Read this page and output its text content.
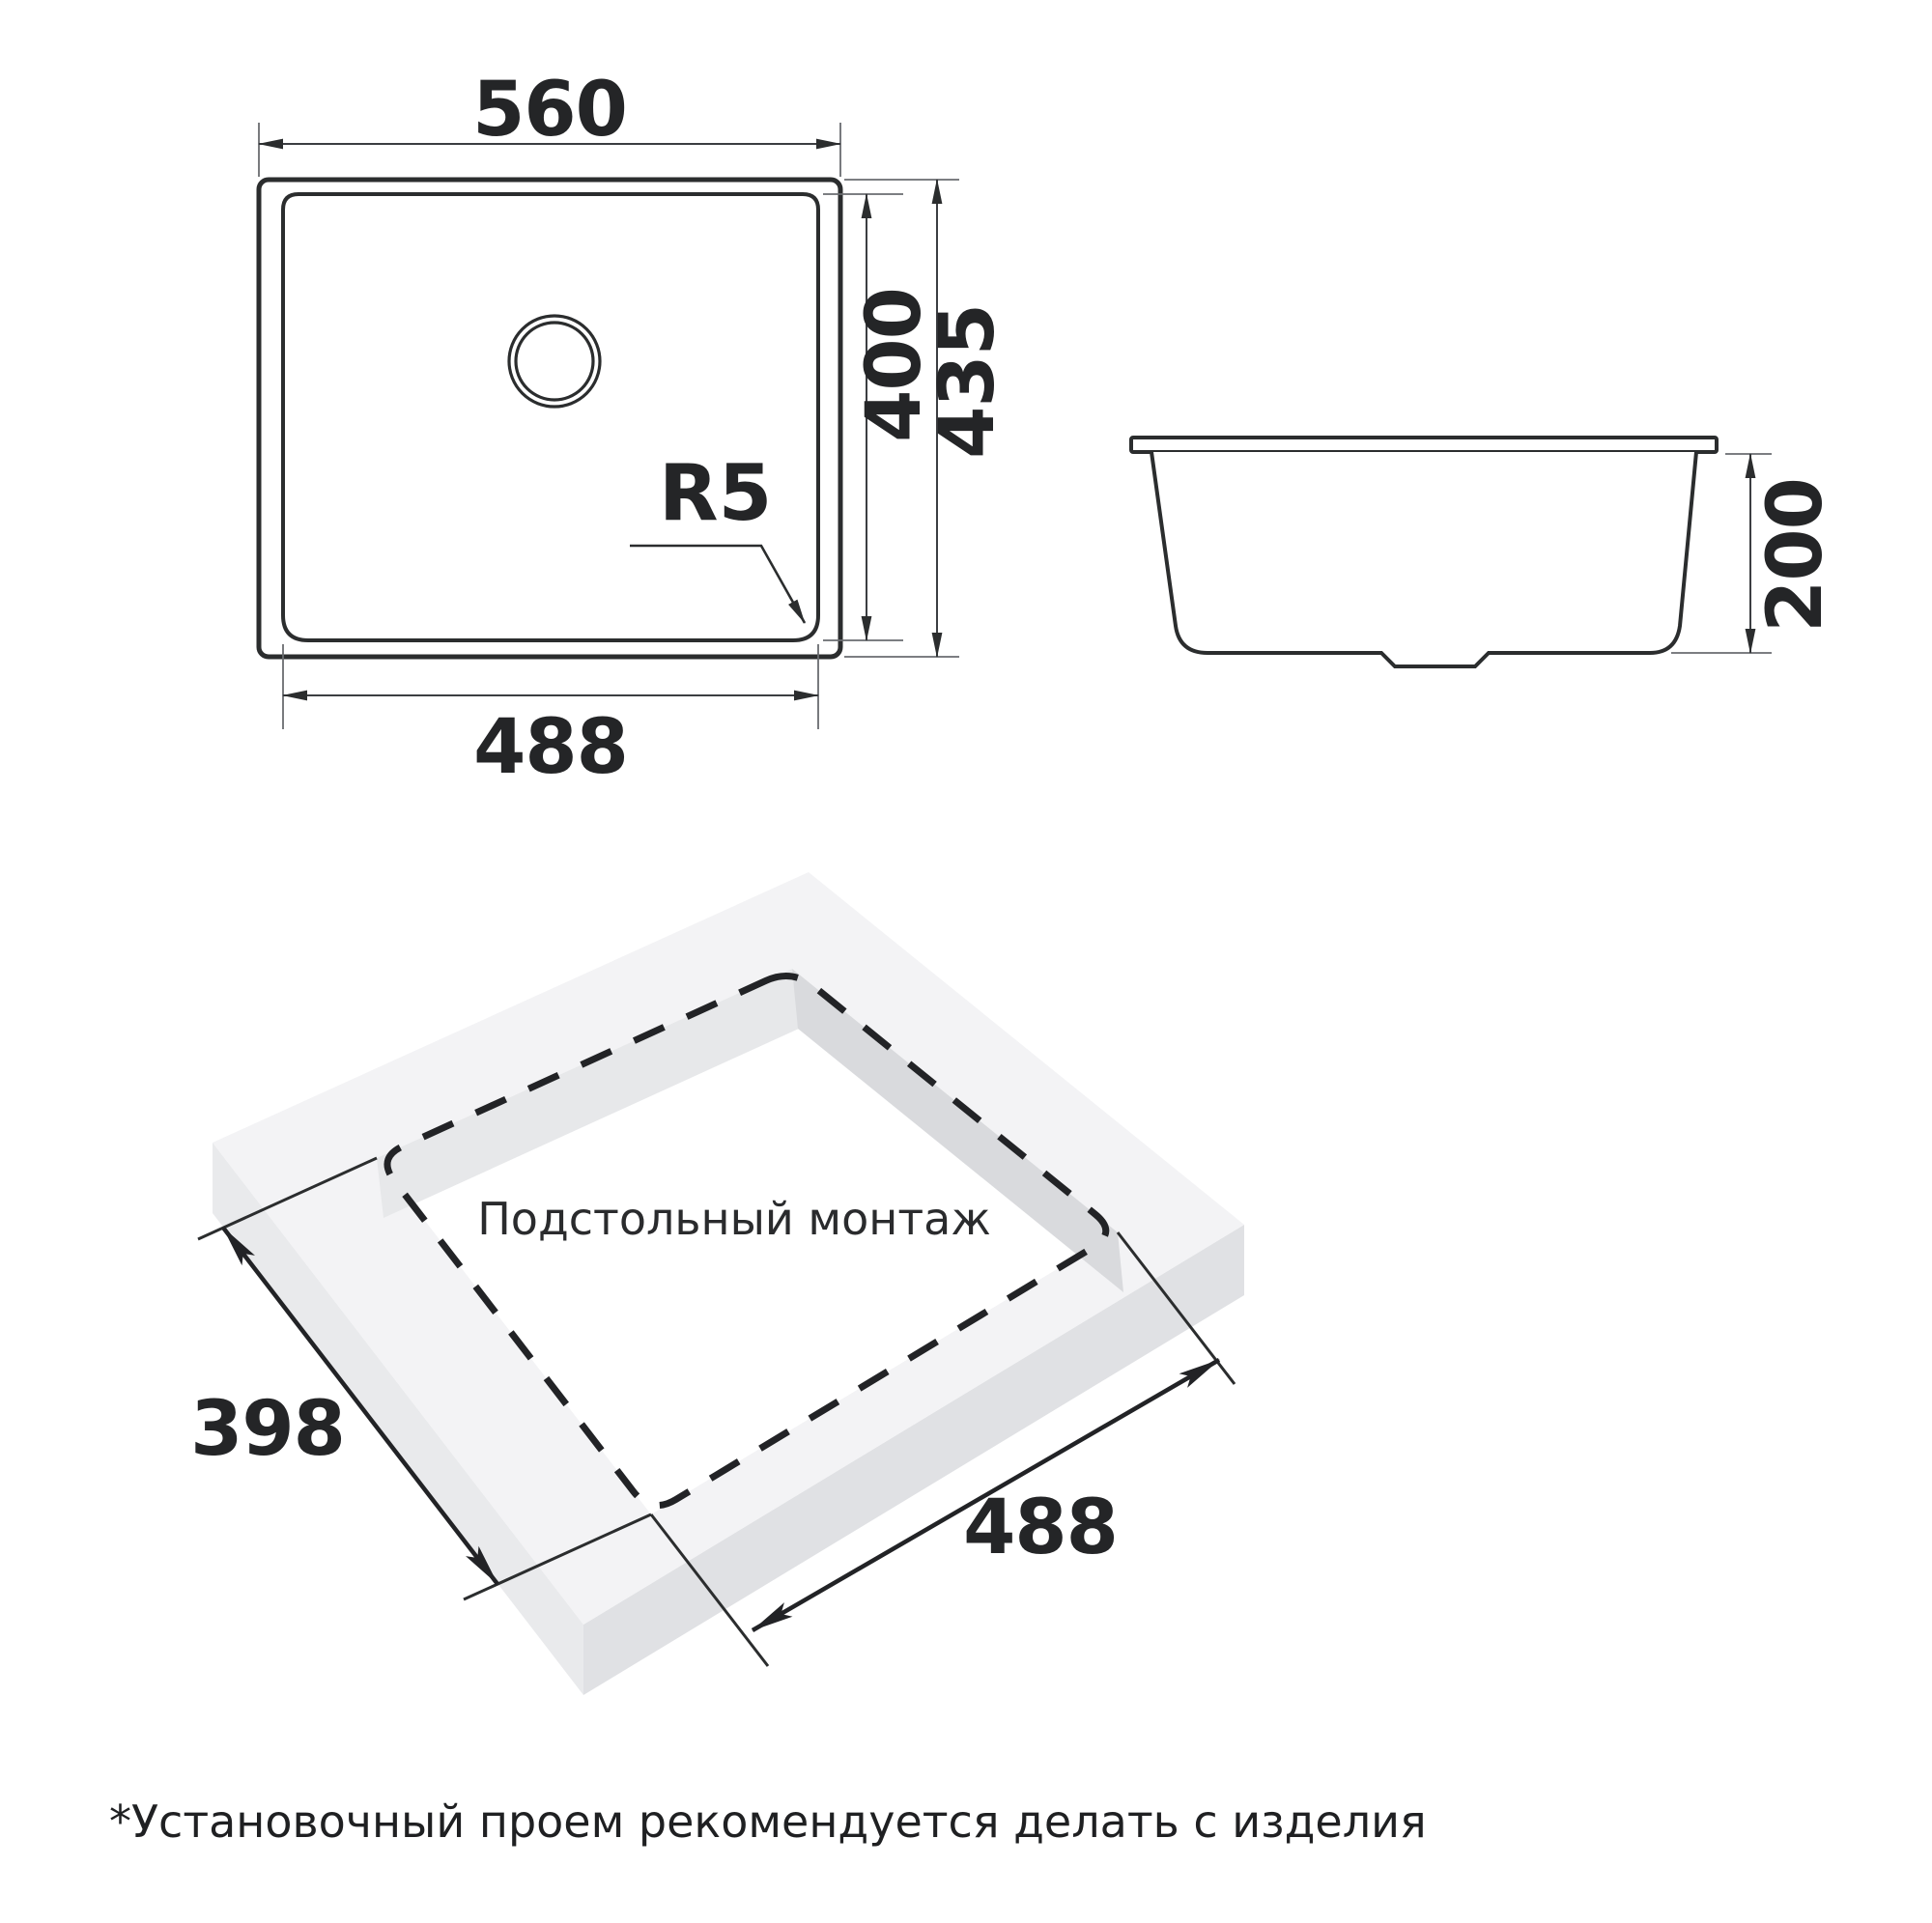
560
400
435
488
R5	200
Подстольный монтаж
398
488
*Установочный проем рекомендуется делать с изделия
